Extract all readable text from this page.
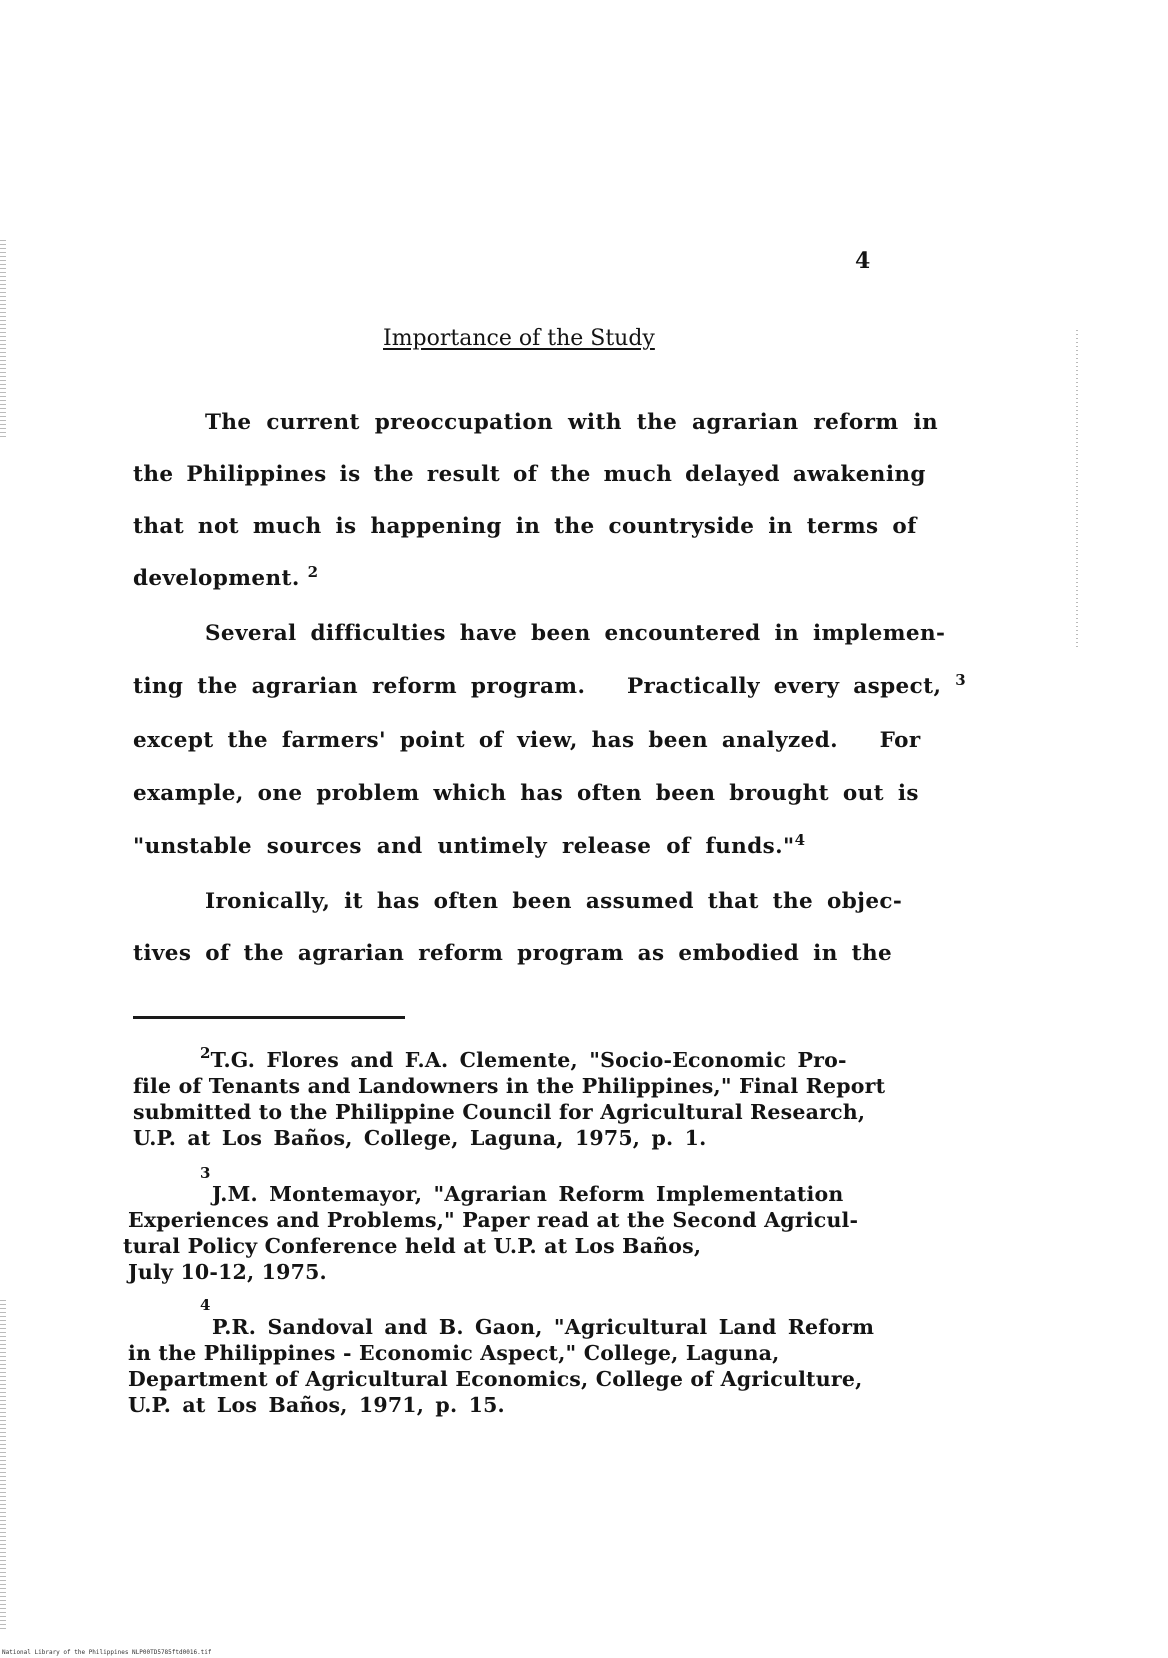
4
Importance of the Study
The current preoccupation with the agrarian reform in
the Philippines is the result of the much delayed awakening
that not much is happening in the countryside in terms of
development. $^2$
Several difficulties have been encountered in implemen-
ting the agrarian reform program.   Practically every aspect, $^3$
except the farmers' point of view, has been analyzed.   For
example, one problem which has often been brought out is
"unstable sources and untimely release of funds."$^4$
Ironically, it has often been assumed that the objec-
tives of the agrarian reform program as embodied in the
$^2$T.G. Flores and F.A. Clemente, "Socio-Economic Pro-
file of Tenants and Landowners in the Philippines," Final Report
submitted to the Philippine Council for Agricultural Research,
U.P. at Los Baños, College, Laguna, 1975, p. 1.
3
J.M. Montemayor, "Agrarian Reform Implementation
Experiences and Problems," Paper read at the Second Agricul-
tural Policy Conference held at U.P. at Los Baños,
July 10-12, 1975.
4
P.R. Sandoval and B. Gaon, "Agricultural Land Reform
in the Philippines - Economic Aspect," College, Laguna,
Department of Agricultural Economics, College of Agriculture,
U.P. at Los Baños, 1971, p. 15.
National Library of the Philippines NLP00TD5785ftd0016.tif
